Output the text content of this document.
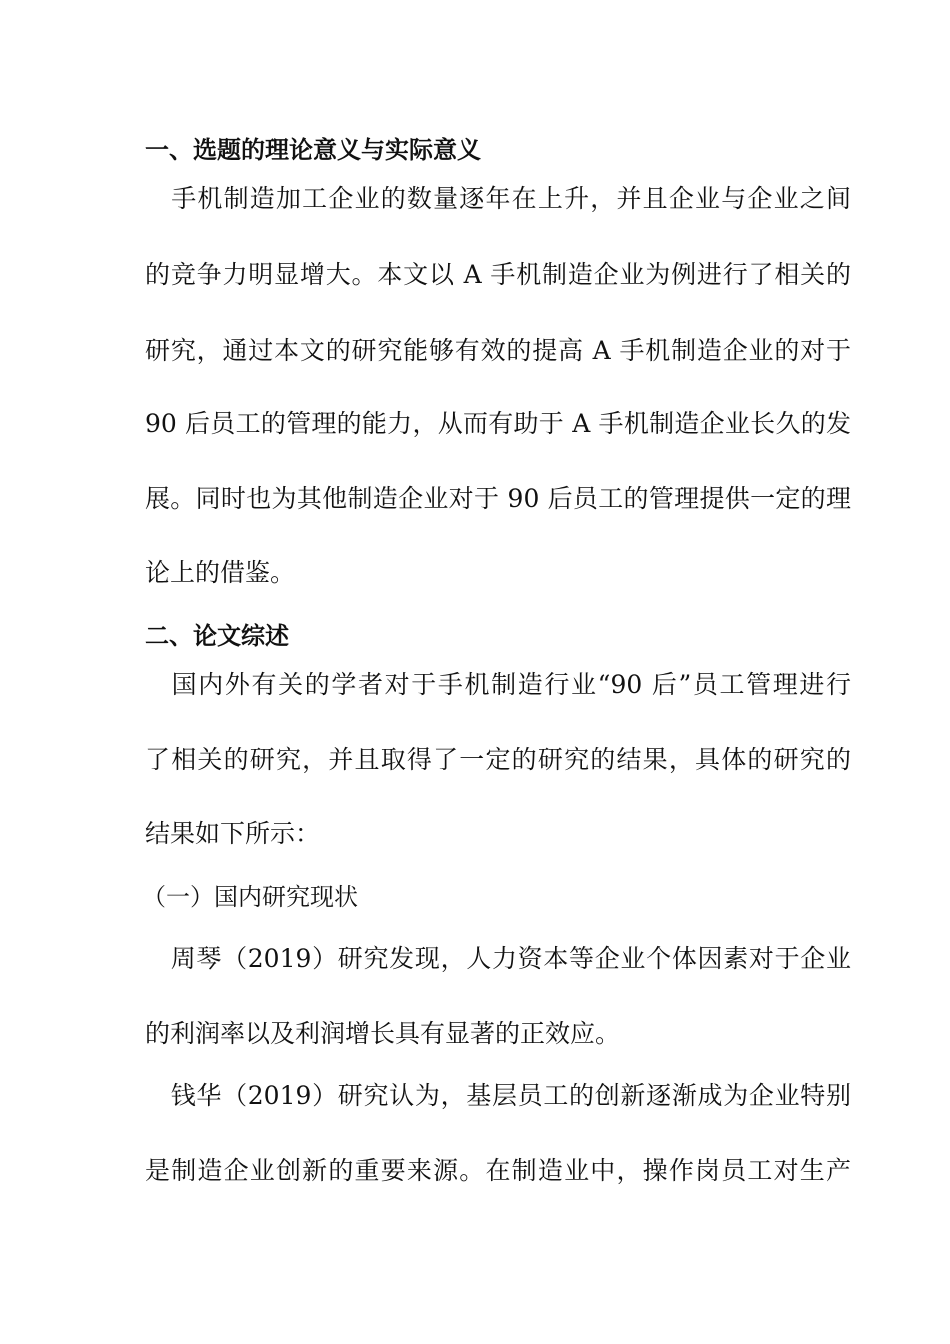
一、选题的理论意义与实际意义
　手机制造加工企业的数量逐年在上升，并且企业与企业之间
的竞争力明显增大。本文以 A 手机制造企业为例进行了相关的
研究，通过本文的研究能够有效的提高 A 手机制造企业的对于
90 后员工的管理的能力，从而有助于 A 手机制造企业长久的发
展。同时也为其他制造企业对于 90 后员工的管理提供一定的理
论上的借鉴。
二、论文综述
　国内外有关的学者对于手机制造行业“90 后”员工管理进行
了相关的研究，并且取得了一定的研究的结果，具体的研究的
结果如下所示：
（一）国内研究现状
　周琴（2019）研究发现，人力资本等企业个体因素对于企业
的利润率以及利润增长具有显著的正效应。
　钱华（2019）研究认为，基层员工的创新逐渐成为企业特别
是制造企业创新的重要来源。在制造业中，操作岗员工对生产
